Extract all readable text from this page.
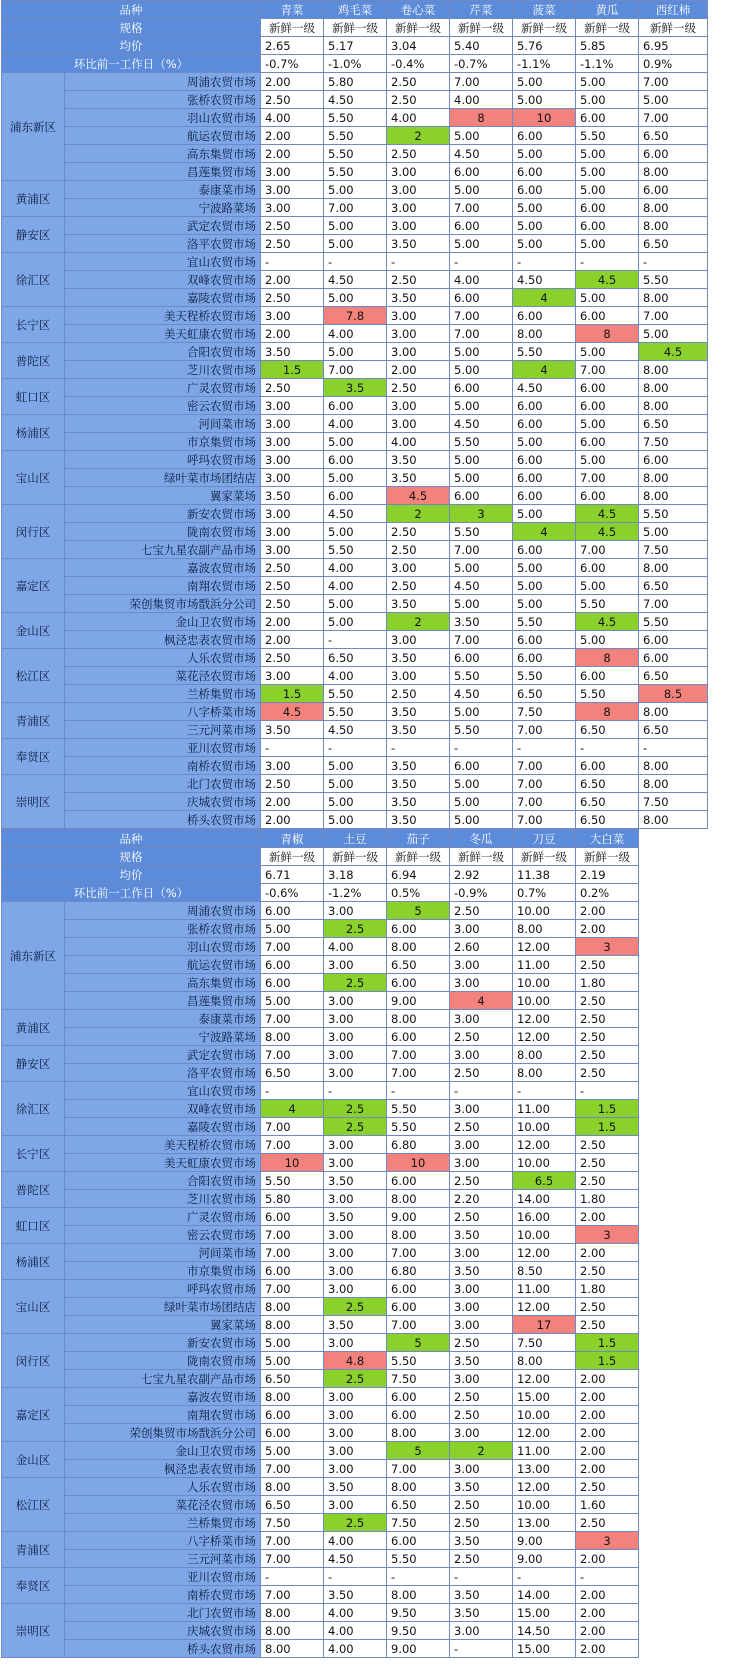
品种		青菜	鸡毛菜	卷心菜	芹菜	菠菜	黄瓜	西红柿
规格		新鲜一级	新鲜一级	新鲜一级	新鲜一级	新鲜一级	新鲜一级	新鲜一级
均价		2.65	5.17	3.04	5.40	5.76	5.85	6.95
环比前一工作日（%）		-0.7%	-1.0%	-0.4%	-0.7%	-1.1%	-1.1%	0.9%
浦东新区	周浦农贸市场	2.00	5.80	2.50	7.00	5.00	5.00	7.00
	张桥农贸市场	2.50	4.50	2.50	4.00	5.00	5.00	5.00
	羽山农贸市场	4.00	5.50	4.00	8	10	6.00	7.00
	航运农贸市场	2.00	5.50	2	5.00	6.00	5.50	6.50
	高东集贸市场	2.00	5.50	2.50	4.50	5.00	5.00	6.00
	昌莲集贸市场	3.00	5.50	3.00	6.00	6.00	5.00	8.00
黄浦区	泰康菜市场	3.00	5.00	3.00	5.00	6.00	5.00	6.00
	宁波路菜场	3.00	7.00	3.00	7.00	5.00	6.00	8.00
静安区	武定农贸市场	2.50	5.00	3.00	6.00	5.00	6.00	8.00
	洛平农贸市场	2.50	5.00	3.50	5.00	5.00	5.00	6.50
徐汇区	宜山农贸市场	-	-	-	-	-	-	-
	双峰农贸市场	2.00	4.50	2.50	4.00	4.50	4.5	5.50
	嘉陵农贸市场	2.50	5.00	3.50	6.00	4	5.00	8.00
长宁区	美天程桥农贸市场	3.00	7.8	3.00	7.00	6.00	6.00	7.00
	美天虹康农贸市场	2.00	4.00	3.00	7.00	8.00	8	5.00
普陀区	合阳农贸市场	3.50	5.00	3.00	5.00	5.50	5.00	4.5
	芝川农贸市场	1.5	7.00	2.00	5.00	4	7.00	8.00
虹口区	广灵农贸市场	2.50	3.5	2.50	6.00	4.50	6.00	8.00
	密云农贸市场	3.00	6.00	3.00	5.00	6.00	6.00	8.00
杨浦区	河间菜市场	3.00	4.00	3.00	4.50	6.00	5.00	6.50
	市京集贸市场	3.00	5.00	4.00	5.50	5.00	6.00	7.50
宝山区	呼玛农贸市场	3.00	6.00	3.50	5.00	6.00	5.00	6.00
	绿叶菜市场团结店	3.00	5.00	3.50	5.00	6.00	7.00	8.00
	翼家菜场	3.50	6.00	4.5	6.00	6.00	6.00	8.00
闵行区	新安农贸市场	3.00	4.50	2	3	5.00	4.5	5.50
	陇南农贸市场	3.00	5.00	2.50	5.50	4	4.5	5.00
	七宝九星农副产品市场	3.00	5.50	2.50	7.00	6.00	7.00	7.50
嘉定区	嘉波农贸市场	2.50	4.00	3.00	5.00	5.00	6.00	8.00
	南翔农贸市场	2.50	4.00	2.50	4.50	5.00	5.00	6.50
	荣创集贸市场戬浜分公司	2.50	5.00	3.50	5.00	5.00	5.50	7.00
金山区	金山卫农贸市场	2.00	5.00	2	3.50	5.50	4.5	5.50
	枫泾忠表农贸市场	2.00	-	3.00	7.00	6.00	5.00	6.00
松江区	人乐农贸市场	2.50	6.50	3.50	6.00	6.00	8	6.00
	菜花泾农贸市场	3.00	4.00	3.00	5.50	5.50	6.00	6.50
	兰桥集贸市场	1.5	5.50	2.50	4.50	6.50	5.50	8.5
青浦区	八字桥菜市场	4.5	5.50	3.50	5.00	7.50	8	8.00
	三元河菜市场	3.50	4.50	3.50	5.50	7.00	6.50	6.50
奉贤区	亚川农贸市场	-	-	-	-	-	-	-
	南桥农贸市场	3.00	5.00	3.50	6.00	7.00	6.00	8.00
崇明区	北门农贸市场	2.50	5.00	3.50	5.00	7.00	6.50	8.00
	庆城农贸市场	2.00	5.00	3.50	5.00	7.00	6.50	7.50
	桥头农贸市场	2.00	5.00	3.50	5.00	7.00	6.50	8.00
品种		青椒	土豆	茄子	冬瓜	刀豆	大白菜	
规格		新鲜一级	新鲜一级	新鲜一级	新鲜一级	新鲜一级	新鲜一级	
均价		6.71	3.18	6.94	2.92	11.38	2.19	
环比前一工作日（%）		-0.6%	-1.2%	0.5%	-0.9%	0.7%	0.2%	
浦东新区	周浦农贸市场	6.00	3.00	5	2.50	10.00	2.00	
	张桥农贸市场	5.00	2.5	6.00	3.00	8.00	2.00	
	羽山农贸市场	7.00	4.00	8.00	2.60	12.00	3	
	航运农贸市场	6.00	3.00	6.50	3.00	11.00	2.50	
	高东集贸市场	6.00	2.5	6.00	3.00	10.00	1.80	
	昌莲集贸市场	5.00	3.00	9.00	4	10.00	2.50	
黄浦区	泰康菜市场	7.00	3.00	8.00	3.00	12.00	2.50	
	宁波路菜场	8.00	3.00	6.00	2.50	12.00	2.50	
静安区	武定农贸市场	7.00	3.00	7.00	3.00	8.00	2.50	
	洛平农贸市场	6.50	3.00	7.00	2.50	8.00	2.50	
徐汇区	宜山农贸市场	-	-	-	-	-	-	
	双峰农贸市场	4	2.5	5.50	3.00	11.00	1.5	
	嘉陵农贸市场	7.00	2.5	5.50	2.50	10.00	1.5	
长宁区	美天程桥农贸市场	7.00	3.00	6.80	3.00	12.00	2.50	
	美天虹康农贸市场	10	3.00	10	3.00	10.00	2.50	
普陀区	合阳农贸市场	5.50	3.50	6.00	2.50	6.5	2.50	
	芝川农贸市场	5.80	3.00	8.00	2.20	14.00	1.80	
虹口区	广灵农贸市场	6.00	3.50	9.00	2.50	16.00	2.00	
	密云农贸市场	7.00	3.00	8.00	3.50	10.00	3	
杨浦区	河间菜市场	7.00	3.00	7.00	3.00	12.00	2.00	
	市京集贸市场	6.00	3.00	6.80	3.50	8.50	2.50	
宝山区	呼玛农贸市场	7.00	3.00	6.00	3.00	11.00	1.80	
	绿叶菜市场团结店	8.00	2.5	6.00	3.00	12.00	2.50	
	翼家菜场	8.00	3.50	7.00	3.00	17	2.50	
闵行区	新安农贸市场	5.00	3.00	5	2.50	7.50	1.5	
	陇南农贸市场	5.00	4.8	5.50	3.50	8.00	1.5	
	七宝九星农副产品市场	6.50	2.5	7.50	3.00	12.00	2.00	
嘉定区	嘉波农贸市场	8.00	3.00	6.00	2.50	15.00	2.00	
	南翔农贸市场	6.00	3.00	6.00	2.50	10.00	2.00	
	荣创集贸市场戬浜分公司	6.00	3.00	8.00	3.00	12.00	2.00	
金山区	金山卫农贸市场	5.00	3.00	5	2	11.00	2.00	
	枫泾忠表农贸市场	7.00	3.00	7.00	3.00	13.00	2.00	
松江区	人乐农贸市场	8.00	3.50	8.00	3.50	12.00	2.50	
	菜花泾农贸市场	6.50	3.00	6.50	2.50	10.00	1.60	
	兰桥集贸市场	7.50	2.5	7.50	2.50	13.00	2.50	
青浦区	八字桥菜市场	7.00	4.00	6.00	3.50	9.00	3	
	三元河菜市场	7.00	4.50	5.50	2.50	9.00	2.00	
奉贤区	亚川农贸市场	-	-	-	-	-	-	
	南桥农贸市场	7.00	3.50	8.00	3.50	14.00	2.00	
崇明区	北门农贸市场	8.00	4.00	9.50	3.50	15.00	2.00	
	庆城农贸市场	8.00	4.00	9.50	3.00	14.50	2.00	
	桥头农贸市场	8.00	4.00	9.00	-	15.00	2.00	
